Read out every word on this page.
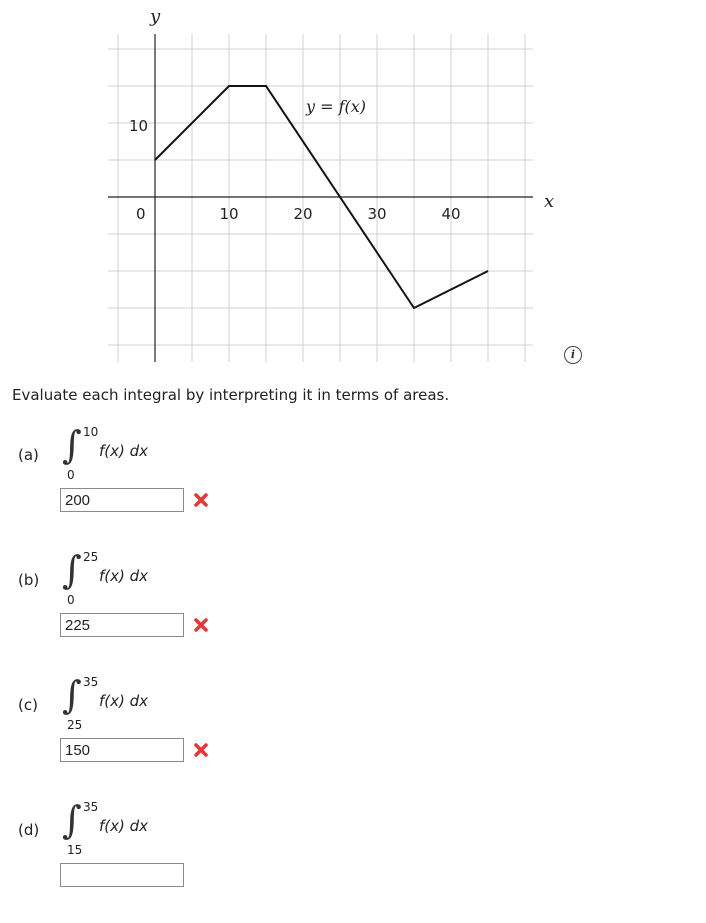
10	20	30	40
y
x
y = f(x)
10
0
i
Evaluate each integral by interpreting it in terms of areas.
(a) ∫ 10
0
f(x) dx
200
(b) ∫ 25
0
f(x) dx
225
(c) ∫ 35
25
f(x) dx
150
(d) ∫ 35
15
f(x) dx
